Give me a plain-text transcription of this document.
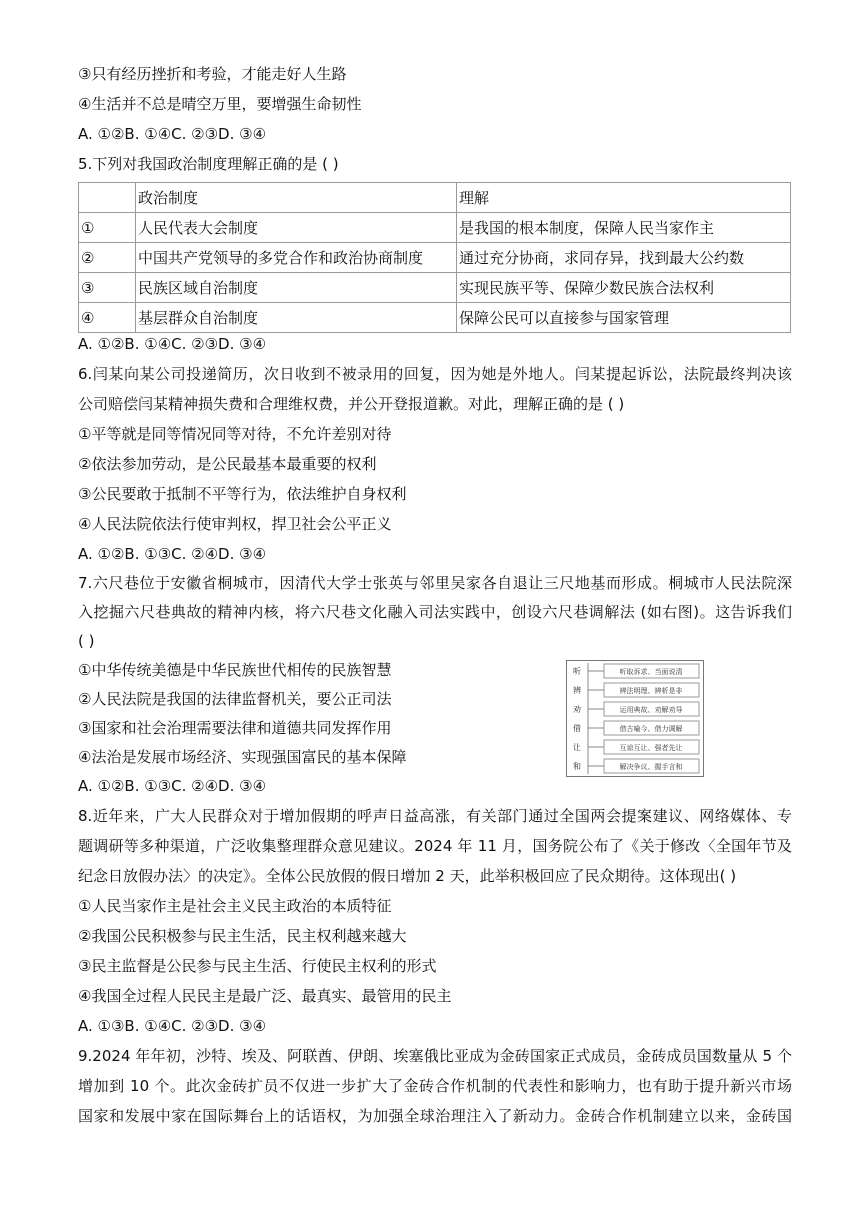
③只有经历挫折和考验，才能走好人生路
④生活并不总是晴空万里，要增强生命韧性
A. ①②B. ①④C. ②③D. ③④
5.下列对我国政治制度理解正确的是 ( )
	政治制度	理解
①	人民代表大会制度	是我国的根本制度，保障人民当家作主
②	中国共产党领导的多党合作和政治协商制度	通过充分协商，求同存异，找到最大公约数
③	民族区域自治制度	实现民族平等、保障少数民族合法权利
④	基层群众自治制度	保障公民可以直接参与国家管理
A. ①②B. ①④C. ②③D. ③④
6.闫某向某公司投递简历，次日收到不被录用的回复，因为她是外地人。闫某提起诉讼，法院最终判决该
公司赔偿闫某精神损失费和合理维权费，并公开登报道歉。对此，理解正确的是 ( )
①平等就是同等情况同等对待，不允许差别对待
②依法参加劳动，是公民最基本最重要的权利
③公民要敢于抵制不平等行为，依法维护自身权利
④人民法院依法行使审判权，捍卫社会公平正义
A. ①②B. ①③C. ②④D. ③④
7.六尺巷位于安徽省桐城市，因清代大学士张英与邻里吴家各自退让三尺地基而形成。桐城市人民法院深
入挖掘六尺巷典故的精神内核，将六尺巷文化融入司法实践中，创设六尺巷调解法 (如右图)。这告诉我们
( )
①中华传统美德是中华民族世代相传的民族智慧
②人民法院是我国的法律监督机关，要公正司法
③国家和社会治理需要法律和道德共同发挥作用
④法治是发展市场经济、实现强国富民的基本保障
A. ①②B. ①③C. ②④D. ③④
听
辨
劝
借
让
和
听取诉求、当面说清
辨法明理、辨析是非
运用典故、劝解劝导
借古喻今、借力调解
互谅互让、强者先让
解决争议、握手言和
8.近年来，广大人民群众对于增加假期的呼声日益高涨，有关部门通过全国两会提案建议、网络媒体、专
题调研等多种渠道，广泛收集整理群众意见建议。2024 年 11 月，国务院公布了《关于修改〈全国年节及
纪念日放假办法〉的决定》。全体公民放假的假日增加 2 天，此举积极回应了民众期待。这体现出( )
①人民当家作主是社会主义民主政治的本质特征
②我国公民积极参与民主生活，民主权利越来越大
③民主监督是公民参与民主生活、行使民主权利的形式
④我国全过程人民民主是最广泛、最真实、最管用的民主
A. ①③B. ①④C. ②③D. ③④
9.2024 年年初，沙特、埃及、阿联酋、伊朗、埃塞俄比亚成为金砖国家正式成员，金砖成员国数量从 5 个
增加到 10 个。此次金砖扩员不仅进一步扩大了金砖合作机制的代表性和影响力，也有助于提升新兴市场
国家和发展中家在国际舞台上的话语权，为加强全球治理注入了新动力。金砖合作机制建立以来，金砖国
